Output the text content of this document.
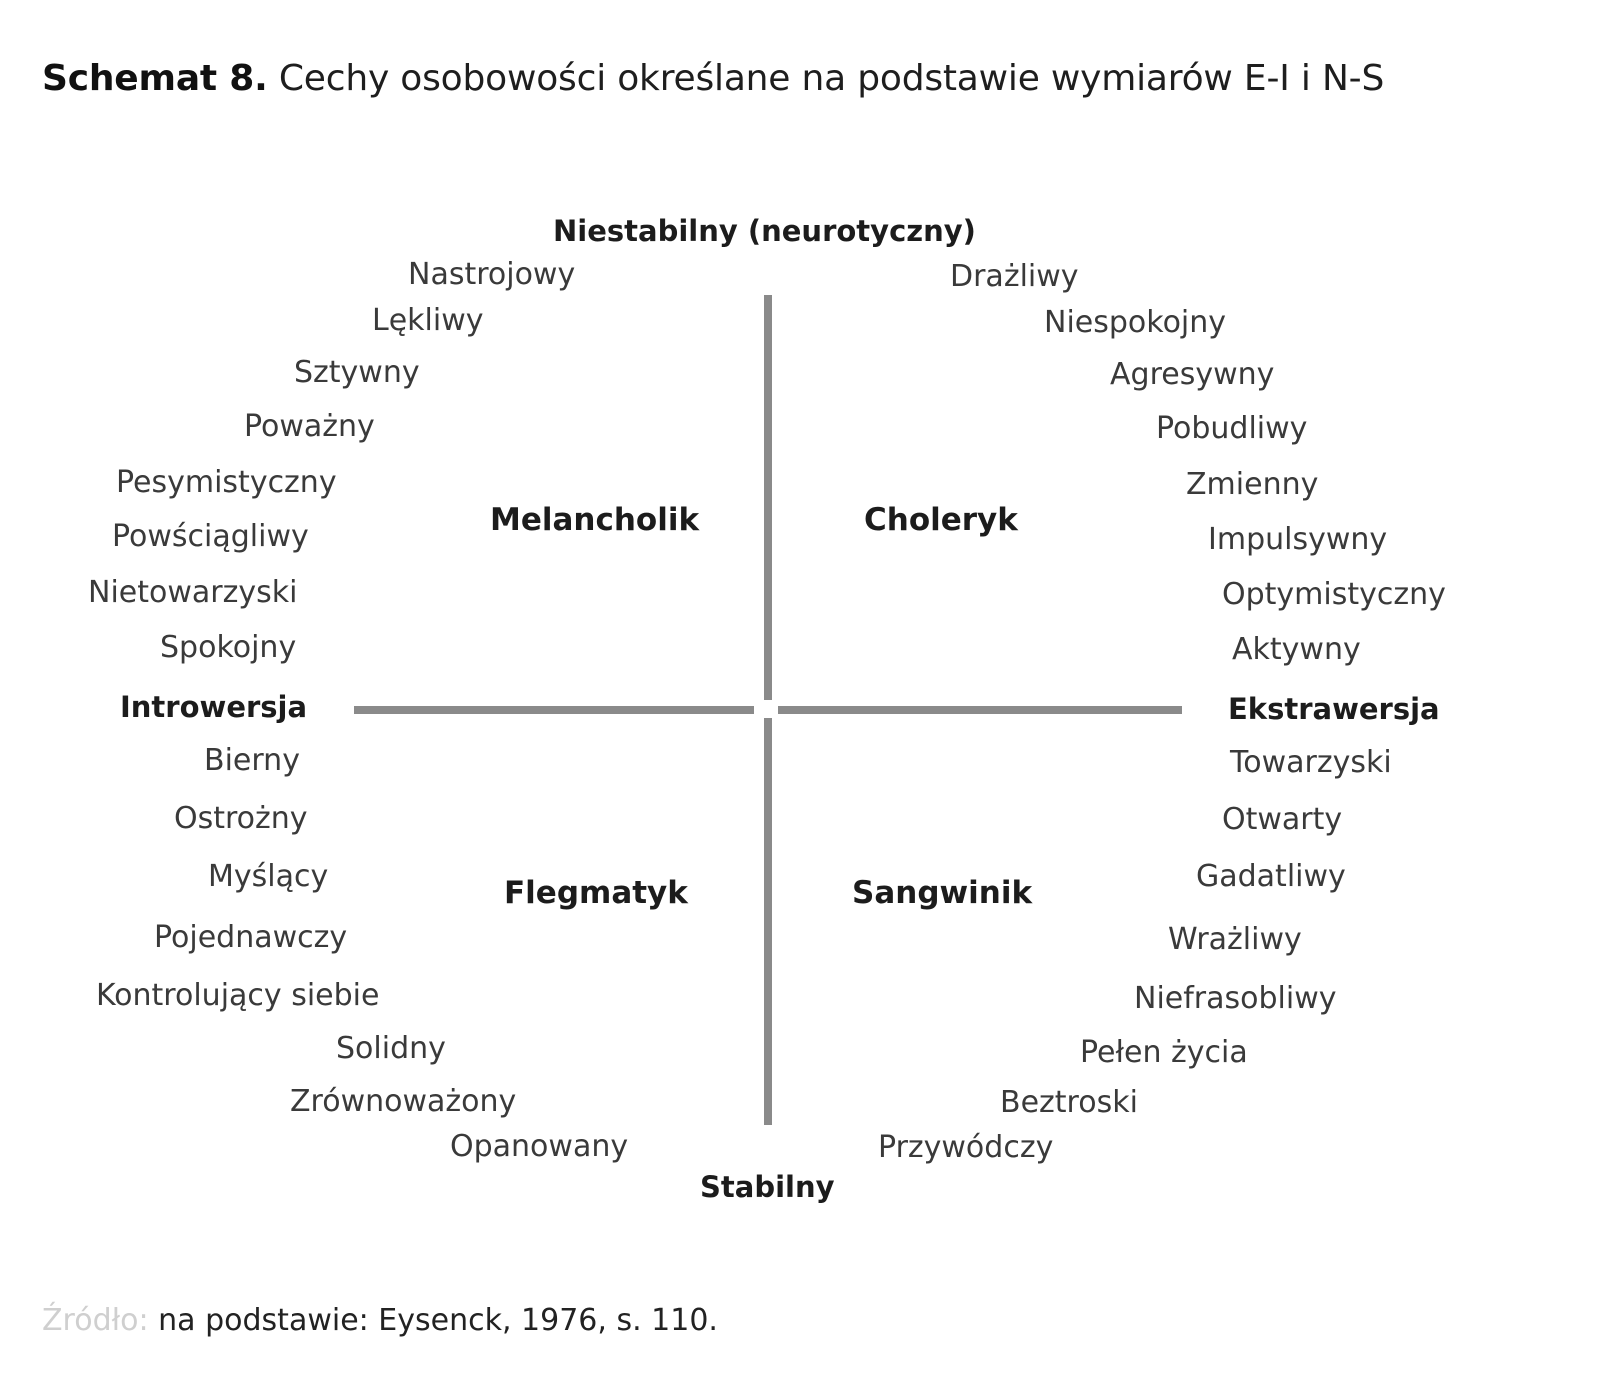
Schemat 8. Cechy osobowości określane na podstawie wymiarów E-I i N-S
Niestabilny (neurotyczny)
Stabilny
Introwersja	Ekstrawersja
Melancholik	Choleryk
Flegmatyk	Sangwinik
Nastrojowy
Lękliwy
Sztywny
Poważny
Pesymistyczny
Powściągliwy
Nietowarzyski
Spokojny
Drażliwy
Niespokojny
Agresywny
Pobudliwy
Zmienny
Impulsywny
Optymistyczny
Aktywny
Bierny
Ostrożny
Myślący
Pojednawczy
Kontrolujący siebie
Solidny
Zrównoważony
Opanowany
Towarzyski
Otwarty
Gadatliwy
Wrażliwy
Niefrasobliwy
Pełen życia
Beztroski
Przywódczy
Źródło: na podstawie: Eysenck, 1976, s. 110.
